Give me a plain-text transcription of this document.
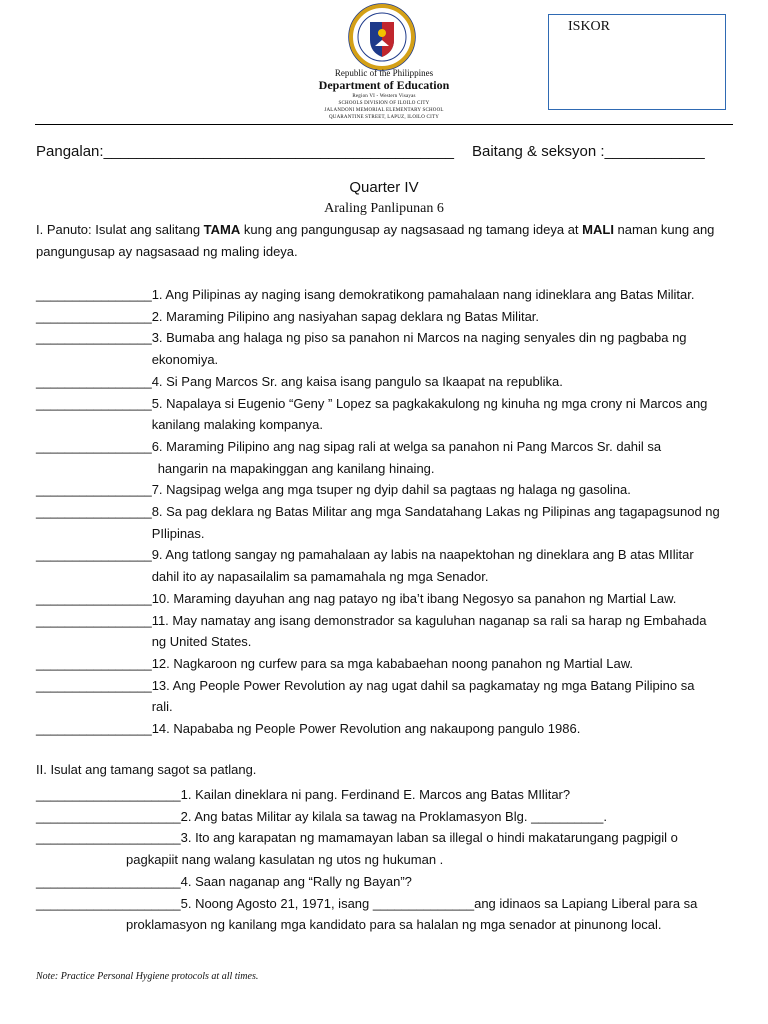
Republic of the Philippines
Department of Education
Region VI - Western Visayas
SCHOOLS DIVISION OF ILOILO CITY
JALANDONI MEMORIAL ELEMENTARY SCHOOL
QUARANTINE STREET, LAPUZ, ILOILO CITY
ISKOR
Pangalan:__________________________________________ Baitang & seksyon :____________
Quarter IV
Araling Panlipunan 6
I. Panuto: Isulat ang salitang TAMA kung ang pangungusap ay nagsasaad ng tamang ideya at MALI naman kung ang pangungusap ay nagsasaad ng maling ideya.
________________ 1. Ang Pilipinas ay naging isang demokratikong pamahalaan nang idineklara ang Batas Militar.
________________ 2. Maraming Pilipino ang nasiyahan sapag deklara ng Batas Militar.
________________ 3. Bumaba ang halaga ng piso sa panahon ni Marcos na naging senyales din ng pagbaba ng
ekonomiya.
________________ 4. Si Pang Marcos Sr. ang kaisa isang pangulo sa Ikaapat na republika.
________________ 5. Napalaya si Eugenio “Geny ” Lopez sa pagkakakulong ng kinuha ng mga crony ni Marcos ang
kanilang malaking kompanya.
________________ 6. Maraming Pilipino ang nag sipag rali at welga sa panahon ni Pang Marcos Sr. dahil sa
hangarin na mapakinggan ang kanilang hinaing.
________________ 7. Nagsipag welga ang mga tsuper ng dyip dahil sa pagtaas ng halaga ng gasolina.
________________ 8. Sa pag deklara ng Batas Militar ang mga Sandatahang Lakas ng Pilipinas ang tagapagsunod ng
PIlipinas.
________________ 9. Ang tatlong sangay ng pamahalaan ay labis na naapektohan ng dineklara ang B atas MIlitar
dahil ito ay napasailalim sa pamamahala ng mga Senador.
________________ 10. Maraming dayuhan ang nag patayo ng iba’t ibang Negosyo sa panahon ng Martial Law.
________________ 11. May namatay ang isang demonstrador sa kaguluhan naganap sa rali sa harap ng Embahada
ng United States.
________________ 12. Nagkaroon ng curfew para sa mga kababaehan noong panahon ng Martial Law.
________________ 13. Ang People Power Revolution ay nag ugat dahil sa pagkamatay ng mga Batang Pilipino sa
rali.
________________ 14. Napababa ng People Power Revolution ang nakaupong pangulo 1986.
II. Isulat ang tamang sagot sa patlang.
____________________1. Kailan dineklara ni pang. Ferdinand E. Marcos ang Batas MIlitar?
____________________2. Ang batas Militar ay kilala sa tawag na Proklamasyon Blg. __________.
____________________3. Ito ang karapatan ng mamamayan laban sa illegal o hindi makatarungang pagpigil o
pagkapiit nang walang kasulatan ng utos ng hukuman .
____________________4. Saan naganap ang “Rally ng Bayan”?
____________________5. Noong Agosto 21, 1971, isang ______________ang idinaos sa Lapiang Liberal para sa
proklamasyon ng kanilang mga kandidato para sa halalan ng mga senador at pinunong local.
Note: Practice Personal Hygiene protocols at all times.
